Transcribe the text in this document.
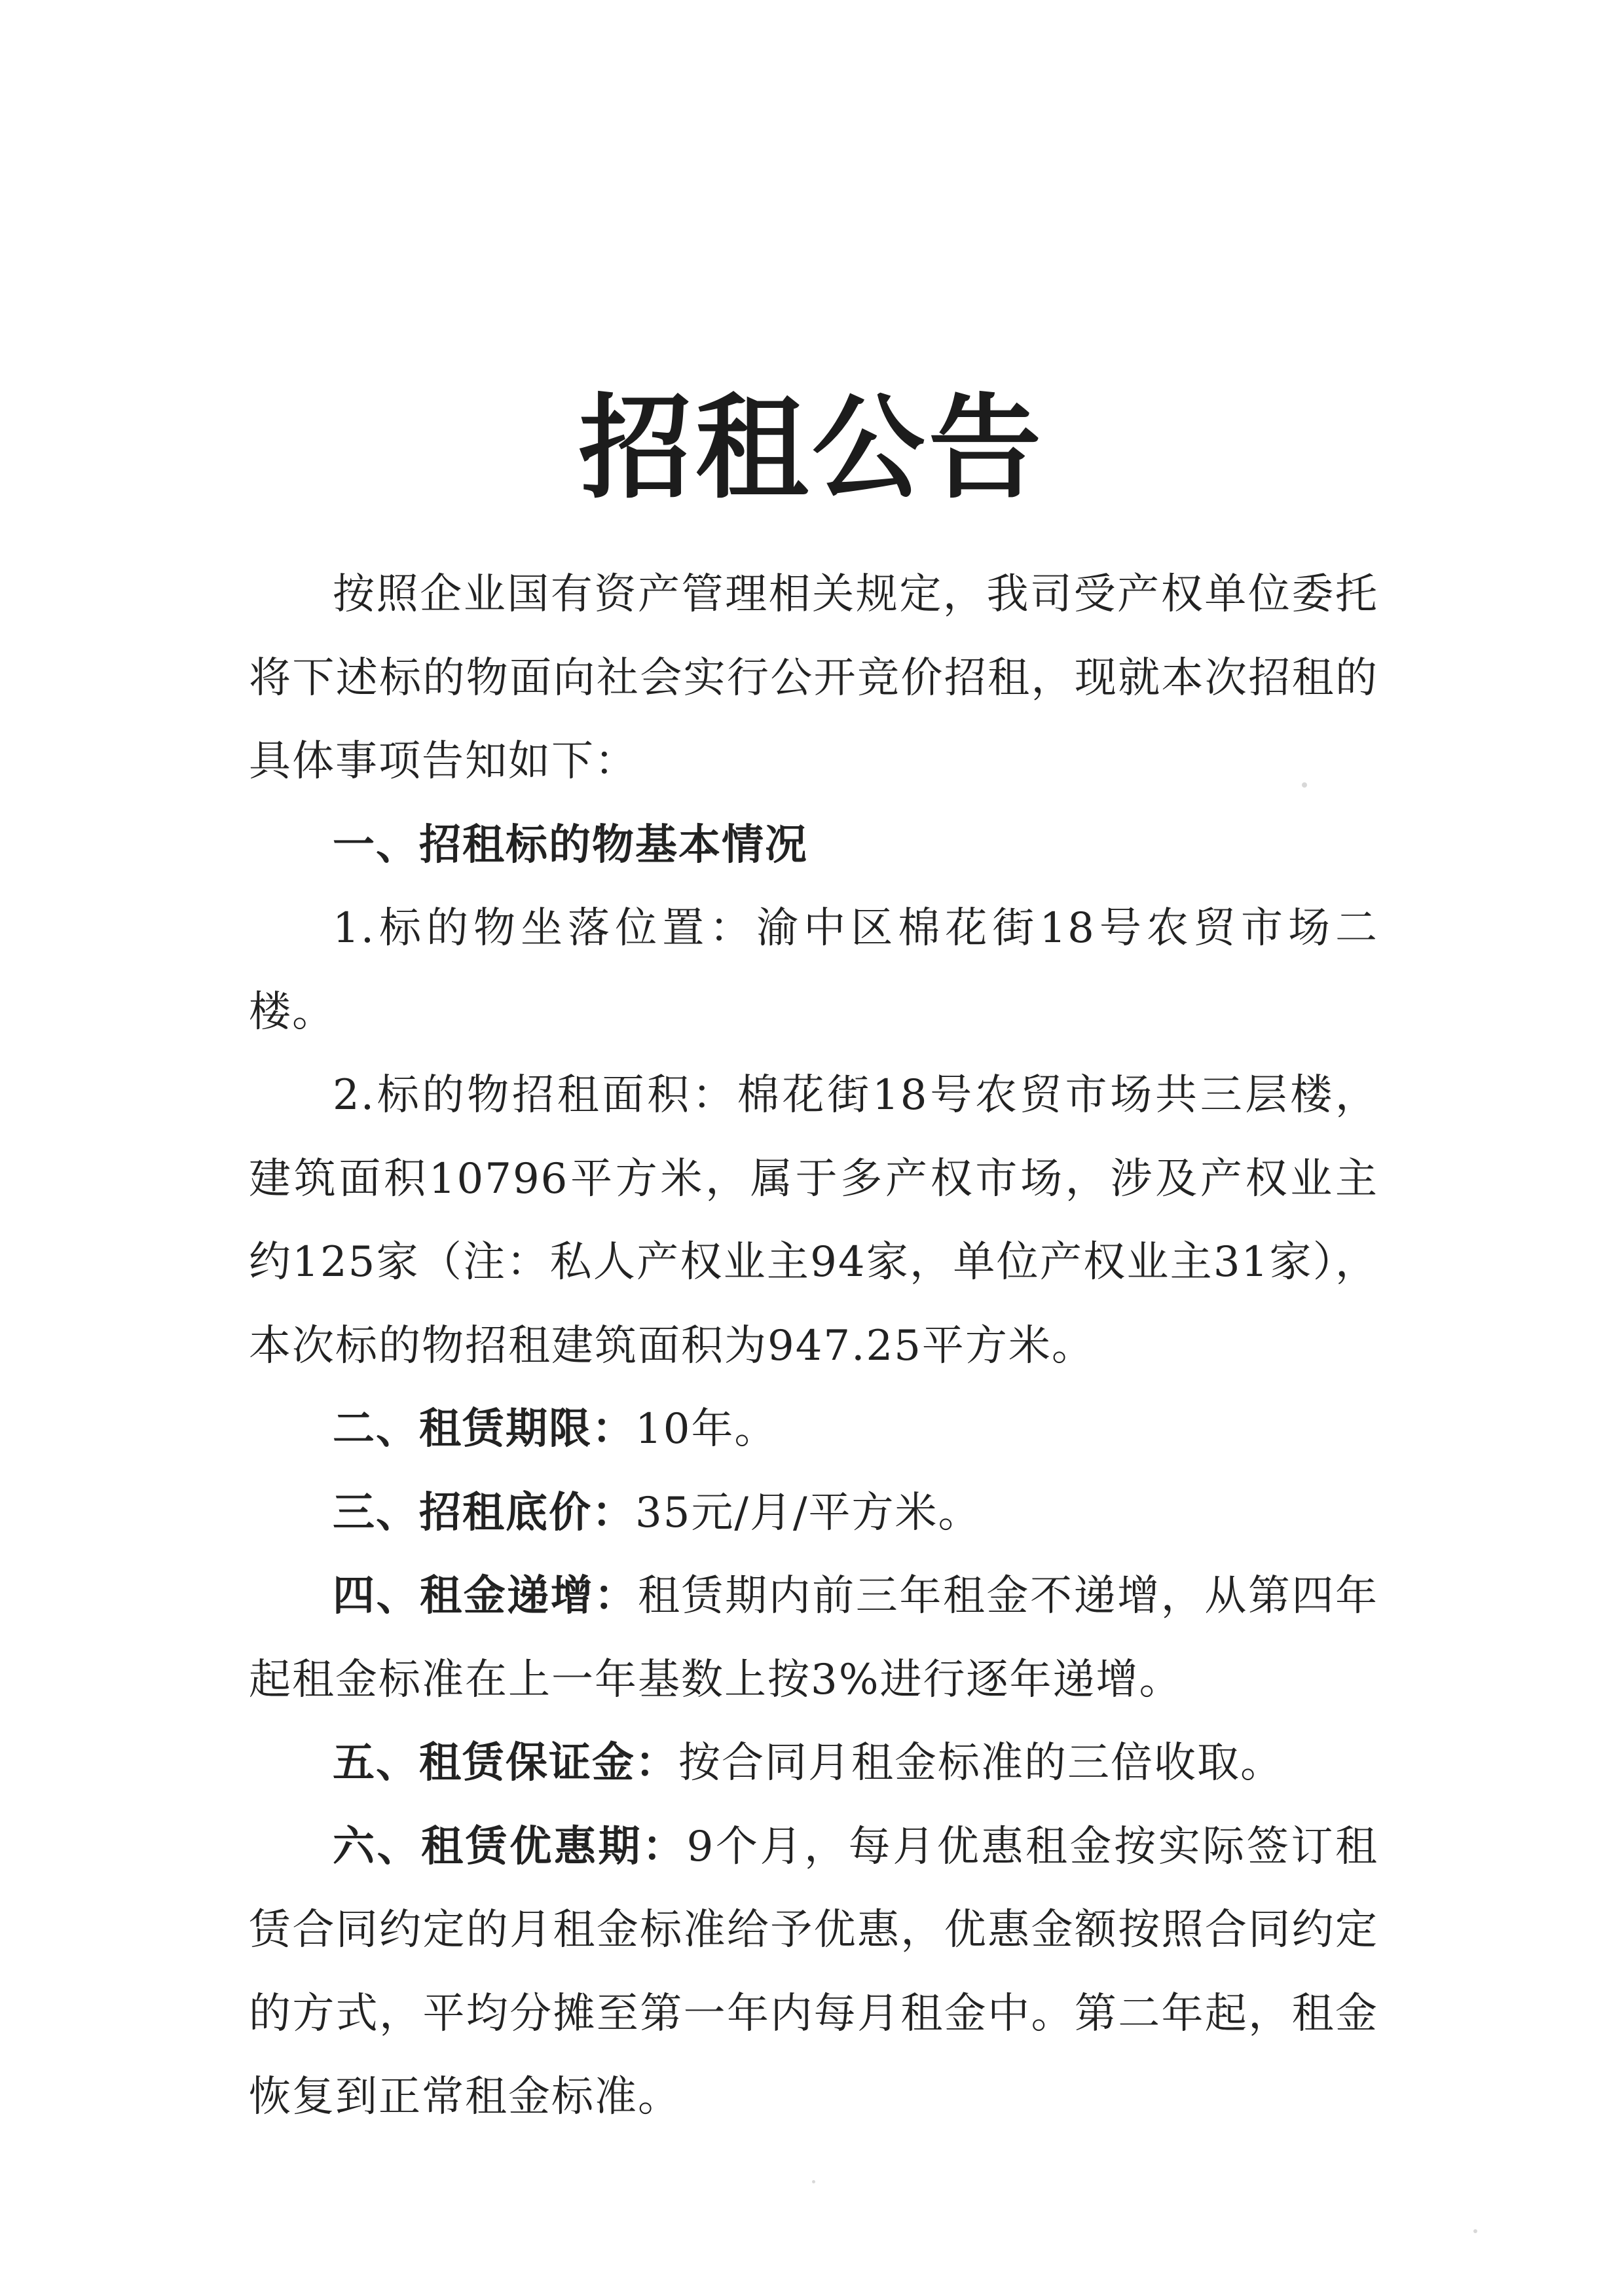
招租公告

按照企业国有资产管理相关规定，我司受产权单位委托将下述标的物面向社会实行公开竞价招租，现就本次招租的具体事项告知如下：

一、招租标的物基本情况

1.标的物坐落位置：渝中区棉花街18号农贸市场二楼。

2.标的物招租面积：棉花街18号农贸市场共三层楼，建筑面积10796平方米，属于多产权市场，涉及产权业主约125家（注：私人产权业主94家，单位产权业主31家），本次标的物招租建筑面积为947.25平方米。

二、租赁期限：10年。

三、招租底价：35元/月/平方米。

四、租金递增：租赁期内前三年租金不递增，从第四年起租金标准在上一年基数上按3%进行逐年递增。

五、租赁保证金：按合同月租金标准的三倍收取。

六、租赁优惠期：9个月，每月优惠租金按实际签订租赁合同约定的月租金标准给予优惠，优惠金额按照合同约定的方式，平均分摊至第一年内每月租金中。第二年起，租金恢复到正常租金标准。
